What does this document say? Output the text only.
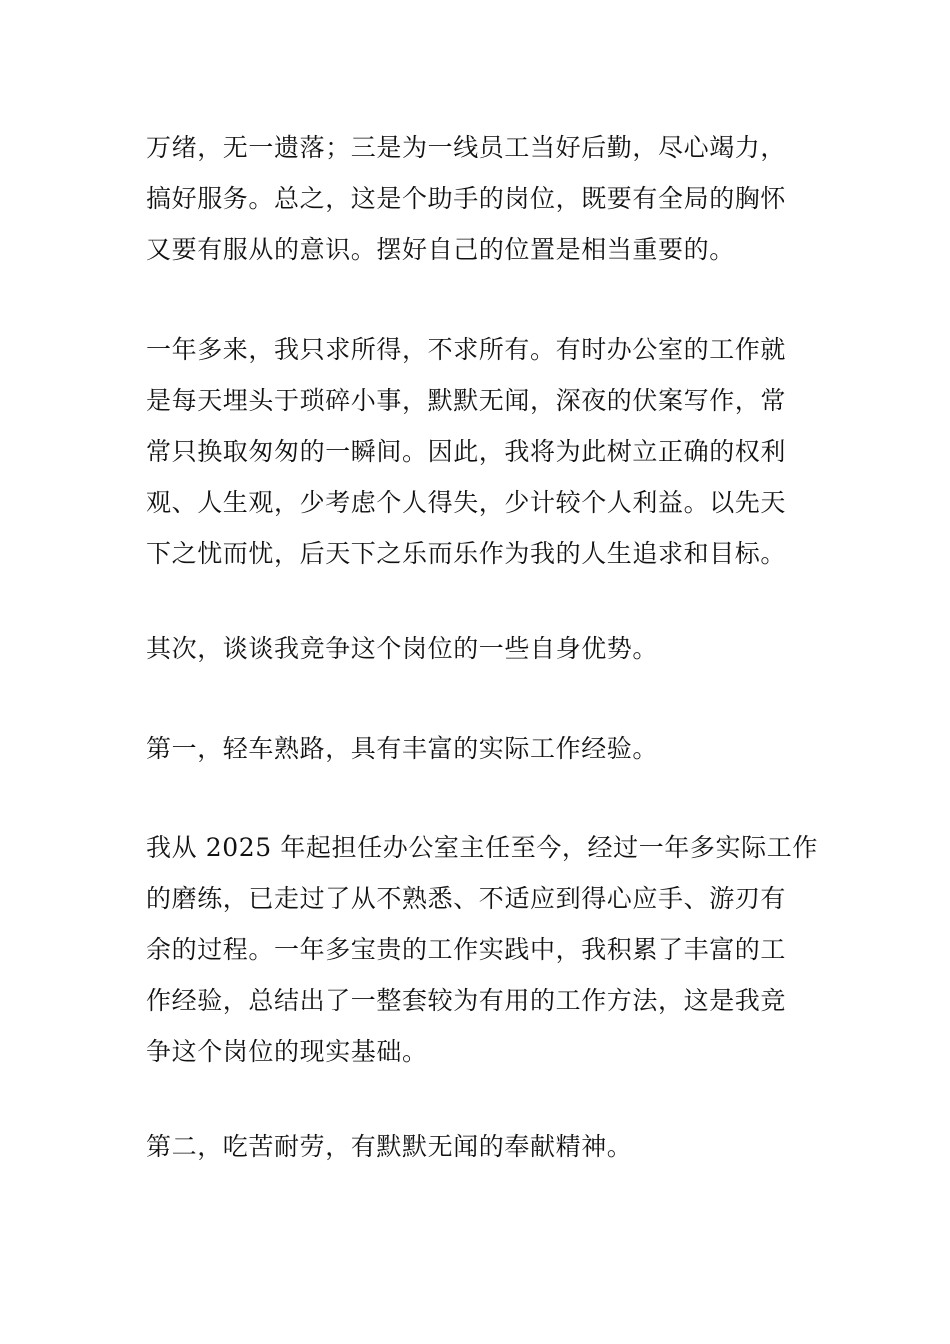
万绪，无一遗落；三是为一线员工当好后勤，尽心竭力，

搞好服务。总之，这是个助手的岗位，既要有全局的胸怀

又要有服从的意识。摆好自己的位置是相当重要的。

一年多来，我只求所得，不求所有。有时办公室的工作就

是每天埋头于琐碎小事，默默无闻，深夜的伏案写作，常

常只换取匆匆的一瞬间。因此，我将为此树立正确的权利

观、人生观，少考虑个人得失，少计较个人利益。以先天

下之忧而忧，后天下之乐而乐作为我的人生追求和目标。

其次，谈谈我竞争这个岗位的一些自身优势。

第一，轻车熟路，具有丰富的实际工作经验。

我从 2025 年起担任办公室主任至今，经过一年多实际工作

的磨练，已走过了从不熟悉、不适应到得心应手、游刃有

余的过程。一年多宝贵的工作实践中，我积累了丰富的工

作经验，总结出了一整套较为有用的工作方法，这是我竞

争这个岗位的现实基础。

第二，吃苦耐劳，有默默无闻的奉献精神。
